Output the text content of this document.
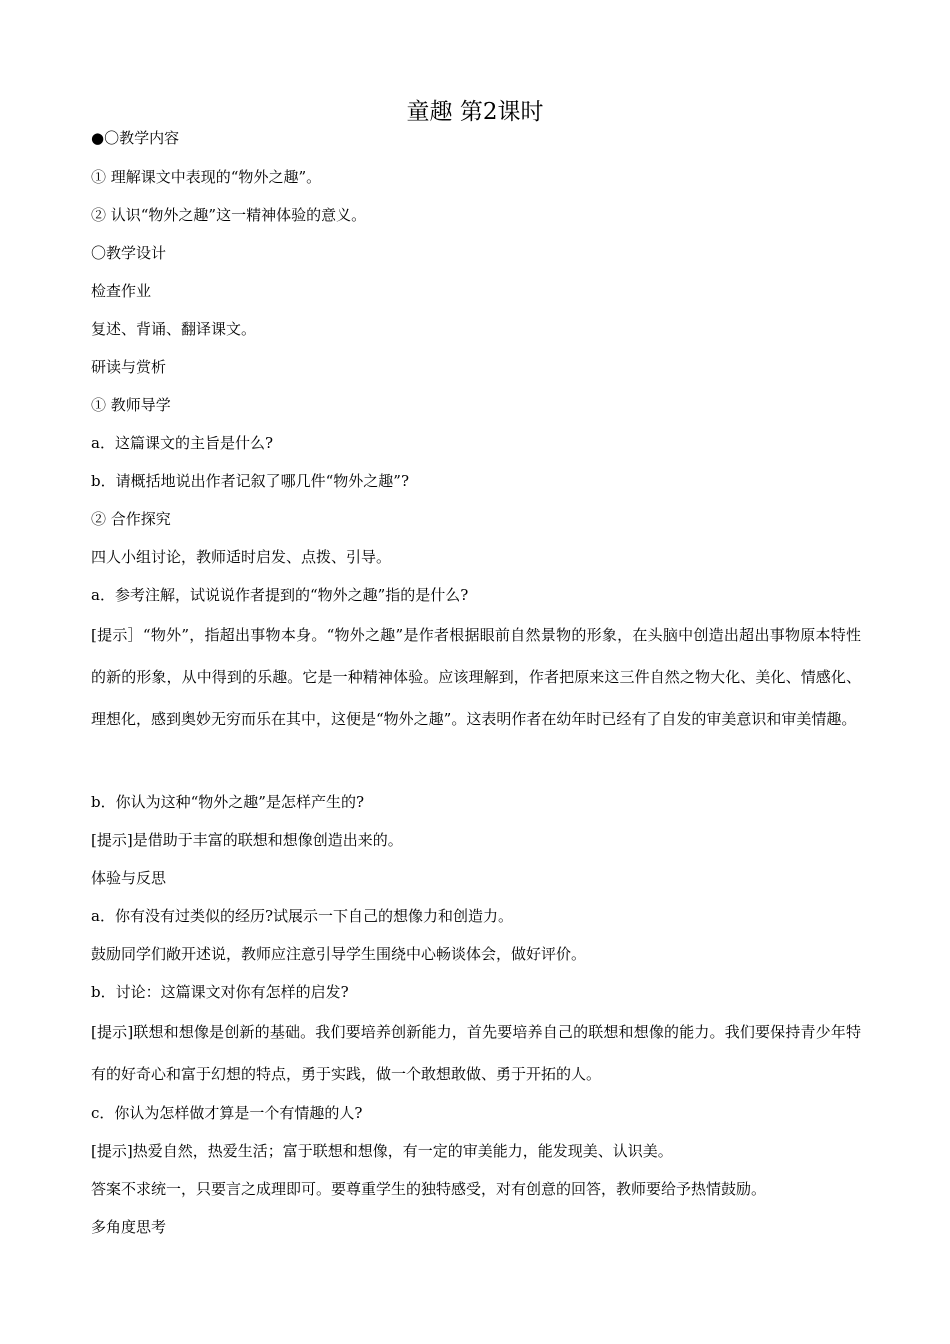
童趣 第2课时
●〇教学内容
① 理解课文中表现的“物外之趣”。
② 认识“物外之趣”这一精神体验的意义。
〇教学设计
检查作业
复述、背诵、翻译课文。
研读与赏析
① 教师导学
a．这篇课文的主旨是什么?
b．请概括地说出作者记叙了哪几件“物外之趣”?
② 合作探究
四人小组讨论，教师适时启发、点拨、引导。
a．参考注解，试说说作者提到的“物外之趣”指的是什么?
[提示］“物外”，指超出事物本身。“物外之趣”是作者根据眼前自然景物的形象，在头脑中创造出超出事物原本特性的新的形象，从中得到的乐趣。它是一种精神体验。应该理解到，作者把原来这三件自然之物大化、美化、情感化、理想化，感到奥妙无穷而乐在其中，这便是“物外之趣”。这表明作者在幼年时已经有了自发的审美意识和审美情趣。
b．你认为这种“物外之趣”是怎样产生的?
[提示]是借助于丰富的联想和想像创造出来的。
体验与反思
a．你有没有过类似的经历?试展示一下自己的想像力和创造力。
鼓励同学们敞开述说，教师应注意引导学生围绕中心畅谈体会，做好评价。
b．讨论：这篇课文对你有怎样的启发?
[提示]联想和想像是创新的基础。我们要培养创新能力，首先要培养自己的联想和想像的能力。我们要保持青少年特有的好奇心和富于幻想的特点，勇于实践，做一个敢想敢做、勇于开拓的人。
c．你认为怎样做才算是一个有情趣的人?
[提示]热爱自然，热爱生活；富于联想和想像，有一定的审美能力，能发现美、认识美。
答案不求统一，只要言之成理即可。要尊重学生的独特感受，对有创意的回答，教师要给予热情鼓励。
多角度思考
